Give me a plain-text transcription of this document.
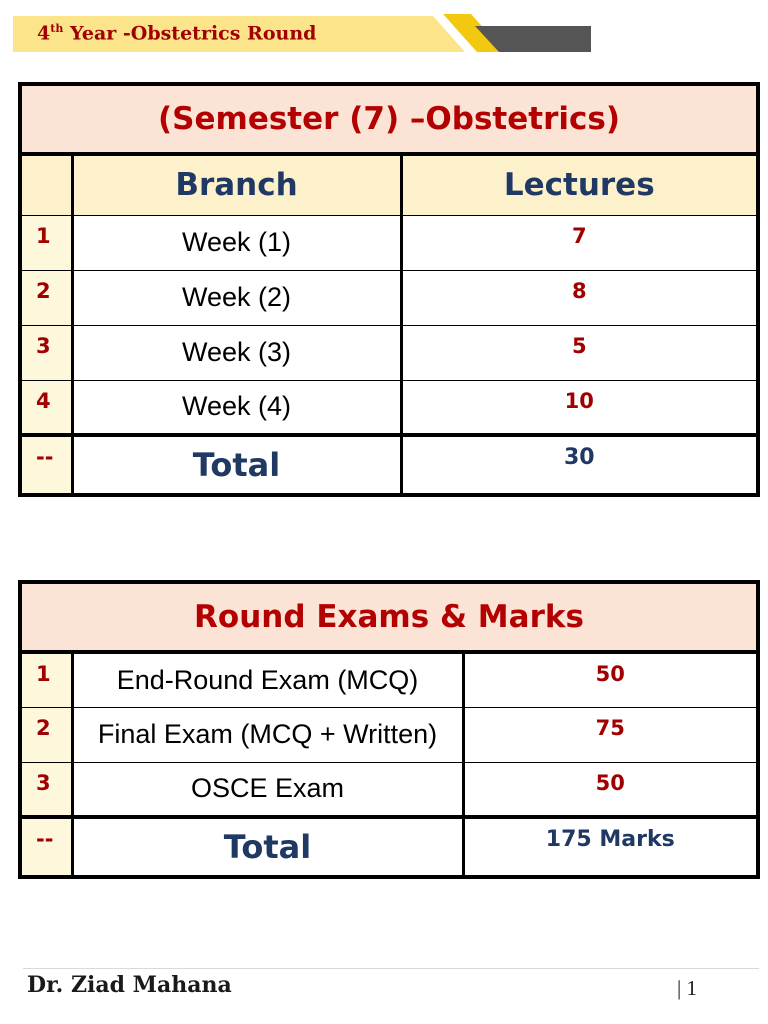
4th Year -Obstetrics Round
(Semester (7) –Obstetrics)		
	Branch	Lectures
1	Week (1)	7
2	Week (2)	8
3	Week (3)	5
4	Week (4)	10
--	Total	30
Round Exams & Marks		
1	End-Round Exam (MCQ)	50
2	Final Exam (MCQ + Written)	75
3	OSCE Exam	50
--	Total	175 Marks
Dr. Ziad Mahana	| 1
